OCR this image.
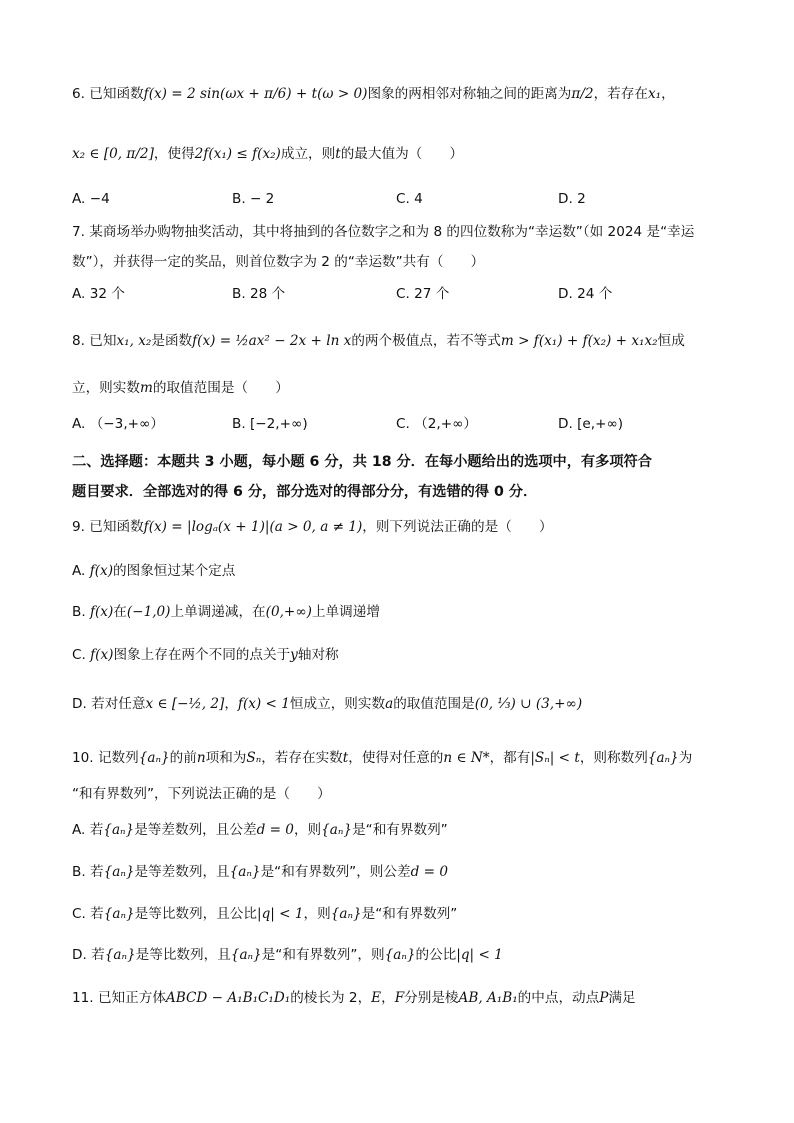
6. 已知函数f(x) = 2 sin(ωx + π/6) + t(ω > 0)图象的两相邻对称轴之间的距离为π/2，若存在x₁，
x₂ ∈ [0, π/2]，使得2f(x₁) ≤ f(x₂)成立，则t的最大值为（　　）
A. −4	B. − 2	C. 4	D. 2
7. 某商场举办购物抽奖活动，其中将抽到的各位数字之和为 8 的四位数称为“幸运数”（如 2024 是“幸运
数”），并获得一定的奖品，则首位数字为 2 的“幸运数”共有（　　）
A. 32 个	B. 28 个	C. 27 个	D. 24 个
8. 已知x₁, x₂是函数f(x) = ½ax² − 2x + ln x的两个极值点，若不等式m > f(x₁) + f(x₂) + x₁x₂恒成
立，则实数m的取值范围是（　　）
A. （−3,+∞）	B. [−2,+∞)	C. （2,+∞）	D. [e,+∞)
二、选择题：本题共 3 小题，每小题 6 分，共 18 分．在每小题给出的选项中，有多项符合
题目要求．全部选对的得 6 分，部分选对的得部分分，有选错的得 0 分．
9. 已知函数f(x) = |logₐ(x + 1)|(a > 0, a ≠ 1)，则下列说法正确的是（　　）
A. f(x)的图象恒过某个定点
B. f(x)在(−1,0)上单调递减，在(0,+∞)上单调递增
C. f(x)图象上存在两个不同的点关于y轴对称
D. 若对任意x ∈ [−½, 2]，f(x) < 1恒成立，则实数a的取值范围是(0, ⅓) ∪ (3,+∞)
10. 记数列{aₙ}的前n项和为Sₙ，若存在实数t，使得对任意的n ∈ N*，都有|Sₙ| < t，则称数列{aₙ}为
“和有界数列”，下列说法正确的是（　　）
A. 若{aₙ}是等差数列，且公差d = 0，则{aₙ}是“和有界数列”
B. 若{aₙ}是等差数列，且{aₙ}是“和有界数列”，则公差d = 0
C. 若{aₙ}是等比数列，且公比|q| < 1，则{aₙ}是“和有界数列”
D. 若{aₙ}是等比数列，且{aₙ}是“和有界数列”，则{aₙ}的公比|q| < 1
11. 已知正方体ABCD − A₁B₁C₁D₁的棱长为 2，E，F分别是棱AB, A₁B₁的中点，动点P满足
